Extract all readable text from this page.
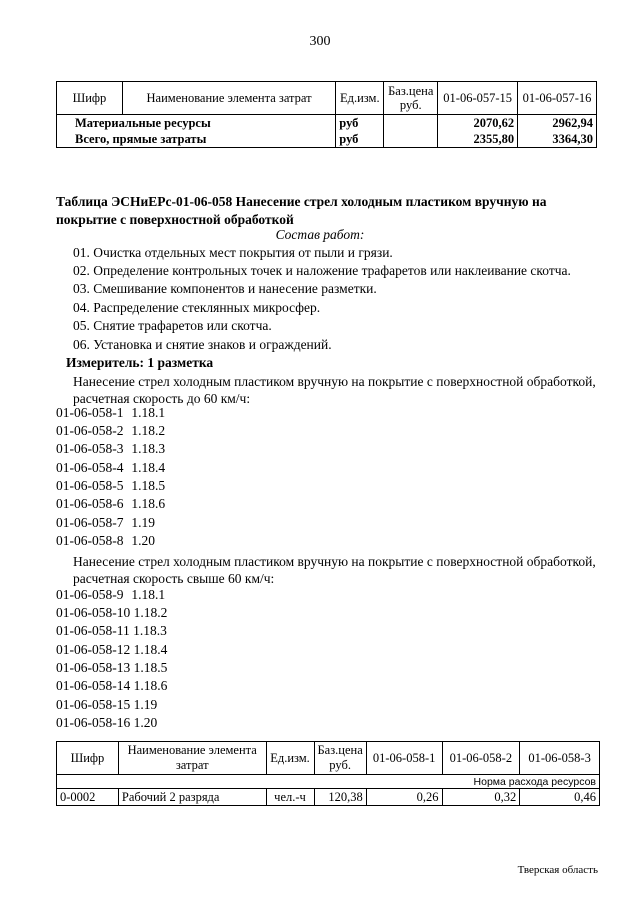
300
Шифр	Наименование элемента затрат	Ед.изм.	Баз.цена руб.	01-06-057-15	01-06-057-16
Материальные ресурсы		руб		2070,62	2962,94
Всего, прямые затраты		руб		2355,80	3364,30
Таблица ЭСНиЕРс-01-06-058 Нанесение стрел холодным пластиком вручную на покрытие с поверхностной обработкой
Состав работ:
01. Очистка отдельных мест покрытия от пыли и грязи.
02. Определение контрольных точек и наложение трафаретов или наклеивание скотча.
03. Смешивание компонентов и нанесение разметки.
04. Распределение стеклянных микросфер.
05. Снятие трафаретов или скотча.
06. Установка и снятие знаков и ограждений.
Измеритель: 1 разметка
Нанесение стрел холодным пластиком вручную на покрытие с поверхностной обработкой, расчетная скорость до 60 км/ч:
01-06-058-1 1.18.1
01-06-058-2 1.18.2
01-06-058-3 1.18.3
01-06-058-4 1.18.4
01-06-058-5 1.18.5
01-06-058-6 1.18.6
01-06-058-7 1.19
01-06-058-8 1.20
Нанесение стрел холодным пластиком вручную на покрытие с поверхностной обработкой, расчетная скорость свыше 60 км/ч:
01-06-058-9 1.18.1
01-06-058-10 1.18.2
01-06-058-11 1.18.3
01-06-058-12 1.18.4
01-06-058-13 1.18.5
01-06-058-14 1.18.6
01-06-058-15 1.19
01-06-058-16 1.20
Шифр	Наименование элемента затрат	Ед.изм.	Баз.цена руб.	01-06-058-1	01-06-058-2	01-06-058-3
Норма расхода ресурсов						
0-0002	Рабочий 2 разряда	чел.-ч	120,38	0,26	0,32	0,46
Тверская область
